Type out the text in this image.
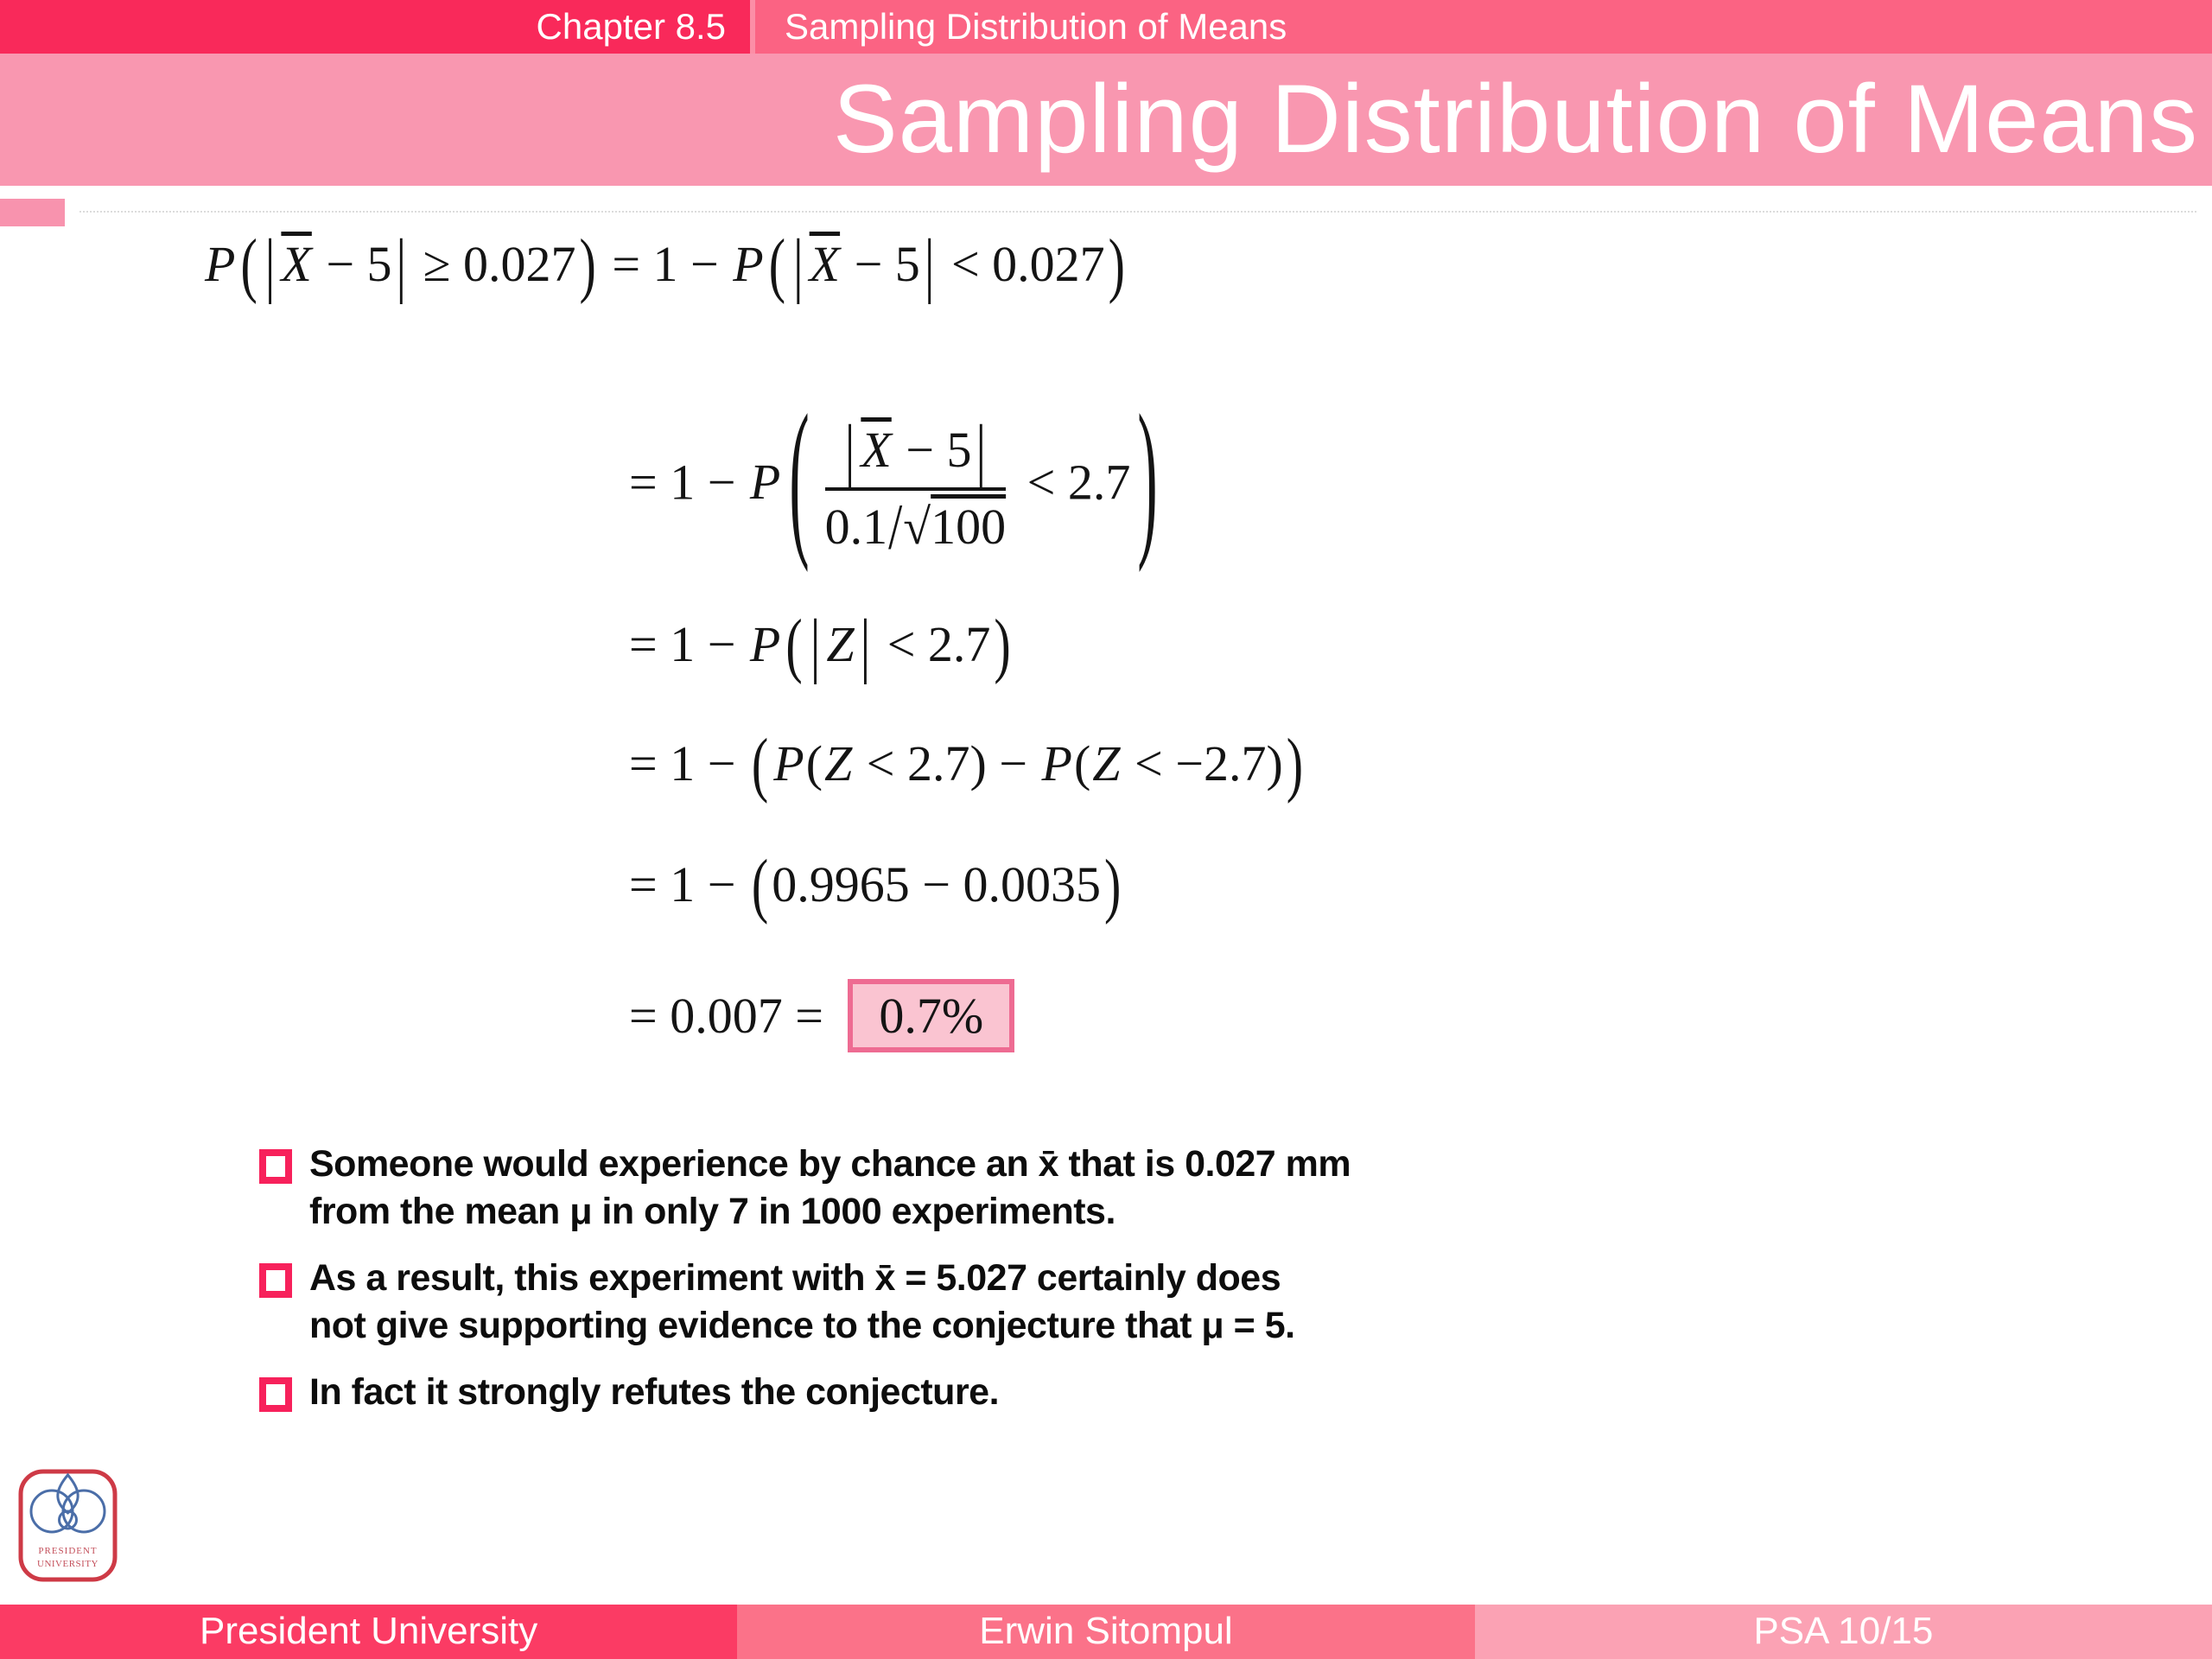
Chapter 8.5	Sampling Distribution of Means
Sampling Distribution of Means
P ( | $\overline{X} - 5| \ge 0.027) = 1 - P$ ( | $\overline{X} - 5| < 0.027$)
= 1 − P ( $\frac{| \overline{X} - 5|}{0.1/√100} < 2.7$ )
= 1 − P ( | Z | < 2.7)
= 1 − ( P(Z < 2.7) − P(Z < −2.7))
= 1 − (0.9965 − 0.0035)
= 0.007 = 0.7%
Someone would experience by chance an x̄ that is 0.027 mm
from the mean μ in only 7 in 1000 experiments.
As a result, this experiment with x̄ = 5.027 certainly does
not give supporting evidence to the conjecture that μ = 5.
In fact it strongly refutes the conjecture.
PRESIDENT
UNIVERSITY
President University	Erwin Sitompul	PSA 10/15
